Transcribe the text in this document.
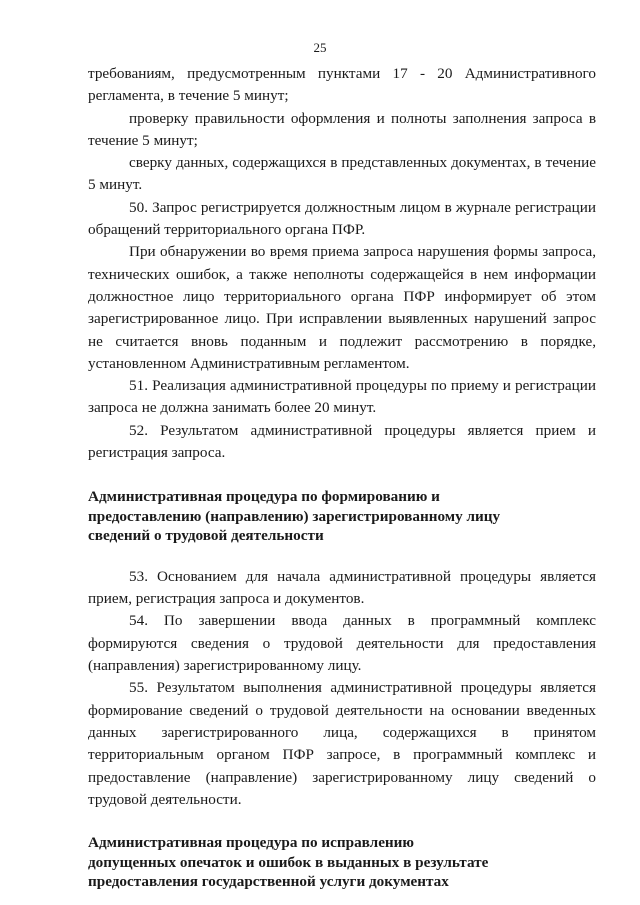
25

требованиям, предусмотренным пунктами 17 - 20 Административного регламента, в течение 5 минут;

проверку правильности оформления и полноты заполнения запроса в течение 5 минут;

сверку данных, содержащихся в представленных документах, в течение 5 минут.

50. Запрос регистрируется должностным лицом в журнале регистрации обращений территориального органа ПФР.

При обнаружении во время приема запроса нарушения формы запроса, технических ошибок, а также неполноты содержащейся в нем информации должностное лицо территориального органа ПФР информирует об этом зарегистрированное лицо. При исправлении выявленных нарушений запрос не считается вновь поданным и подлежит рассмотрению в порядке, установленном Административным регламентом.

51. Реализация административной процедуры по приему и регистрации запроса не должна занимать более 20 минут.

52. Результатом административной процедуры является прием и регистрация запроса.

Административная процедура по формированию и

предоставлению (направлению) зарегистрированному лицу

сведений о трудовой деятельности

53. Основанием для начала административной процедуры является прием, регистрация запроса и документов.

54. По завершении ввода данных в программный комплекс формируются сведения о трудовой деятельности для предоставления (направления) зарегистрированному лицу.

55. Результатом выполнения административной процедуры является формирование сведений о трудовой деятельности на основании введенных данных зарегистрированного лица, содержащихся в принятом территориальным органом ПФР запросе, в программный комплекс и предоставление (направление) зарегистрированному лицу сведений о трудовой деятельности.

Административная процедура по исправлению

допущенных опечаток и ошибок в выданных в результате

предоставления государственной услуги документах
